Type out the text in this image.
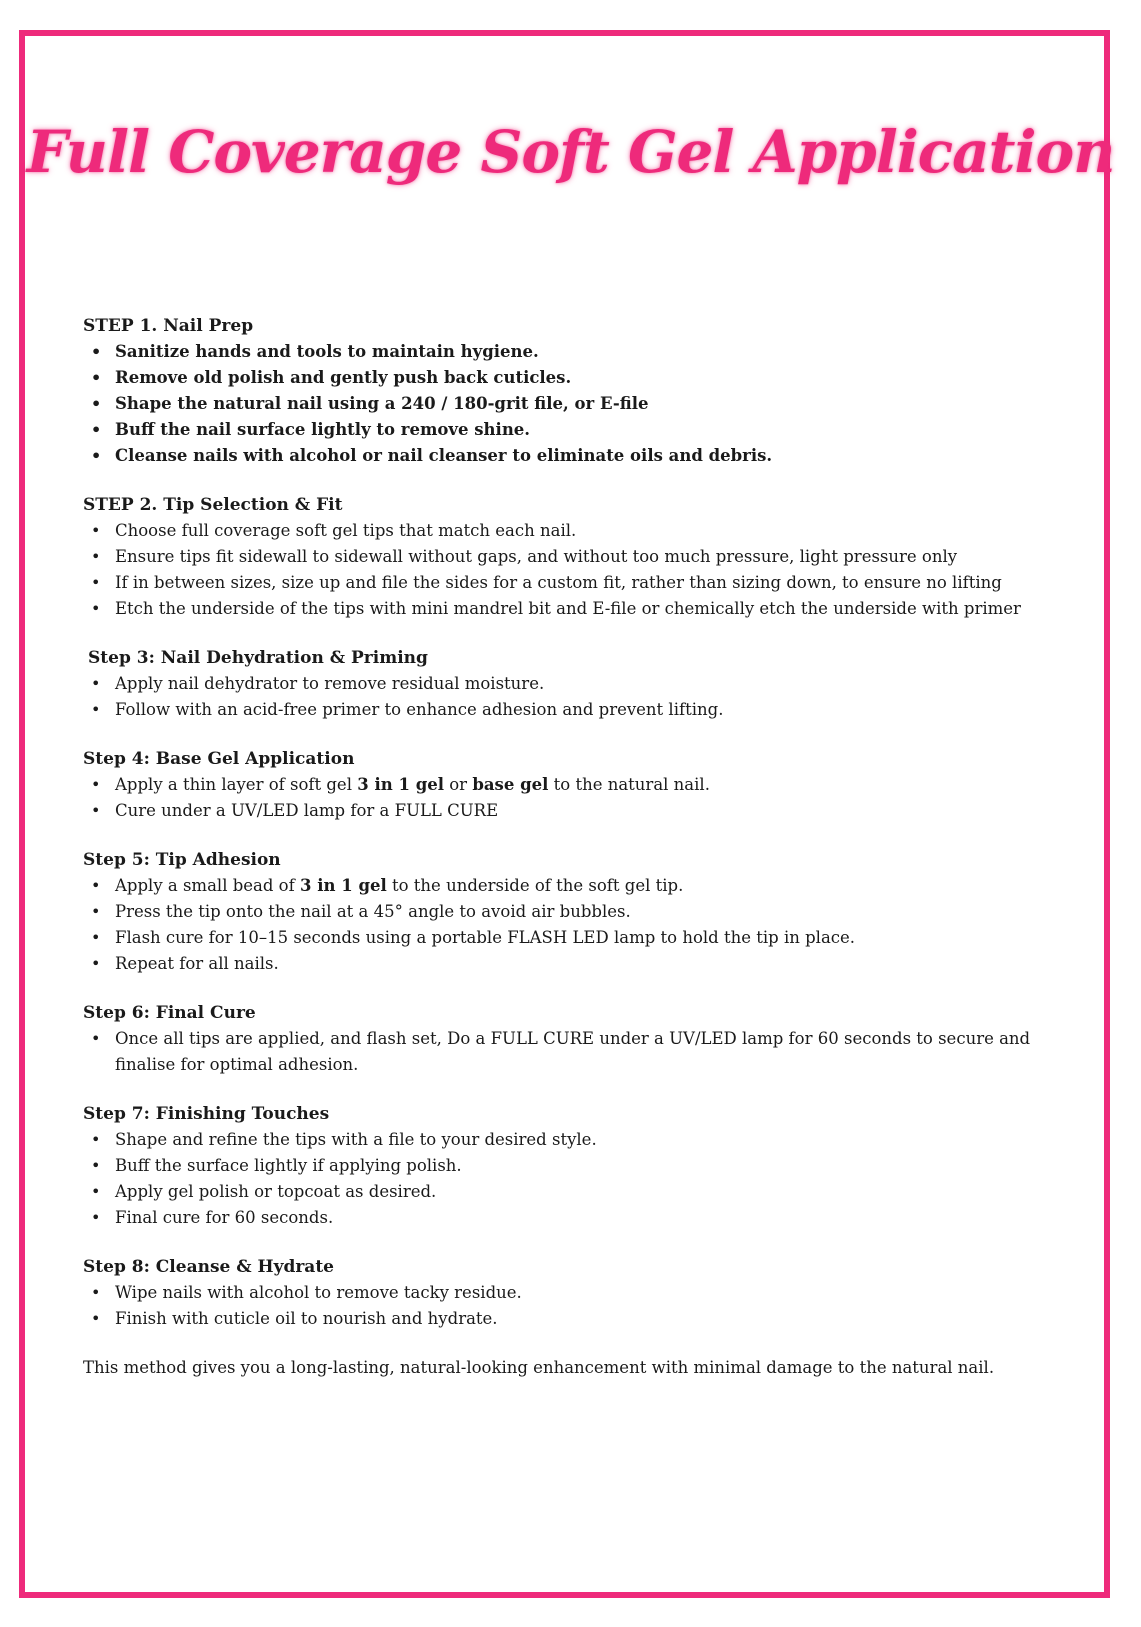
Full Coverage Soft Gel Application

STEP 1. Nail Prep

• Sanitize hands and tools to maintain hygiene.
• Remove old polish and gently push back cuticles.
• Shape the natural nail using a 240 / 180-grit file, or E-file
• Buff the nail surface lightly to remove shine.
• Cleanse nails with alcohol or nail cleanser to eliminate oils and debris.

STEP 2. Tip Selection & Fit

• Choose full coverage soft gel tips that match each nail.
• Ensure tips fit sidewall to sidewall without gaps, and without too much pressure, light pressure only
• If in between sizes, size up and file the sides for a custom fit, rather than sizing down, to ensure no lifting
• Etch the underside of the tips with mini mandrel bit and E-file or chemically etch the underside with primer

Step 3: Nail Dehydration & Priming

• Apply nail dehydrator to remove residual moisture.
• Follow with an acid-free primer to enhance adhesion and prevent lifting.

Step 4: Base Gel Application

• Apply a thin layer of soft gel 3 in 1 gel or base gel to the natural nail.
• Cure under a UV/LED lamp for a FULL CURE

Step 5: Tip Adhesion

• Apply a small bead of 3 in 1 gel to the underside of the soft gel tip.
• Press the tip onto the nail at a 45° angle to avoid air bubbles.
• Flash cure for 10–15 seconds using a portable FLASH LED lamp to hold the tip in place.
• Repeat for all nails.

Step 6: Final Cure

• Once all tips are applied, and flash set, Do a FULL CURE under a UV/LED lamp for 60 seconds to secure and finalise for optimal adhesion.

Step 7: Finishing Touches

• Shape and refine the tips with a file to your desired style.
• Buff the surface lightly if applying polish.
• Apply gel polish or topcoat as desired.
• Final cure for 60 seconds.

Step 8: Cleanse & Hydrate

• Wipe nails with alcohol to remove tacky residue.
• Finish with cuticle oil to nourish and hydrate.

This method gives you a long-lasting, natural-looking enhancement with minimal damage to the natural nail.
